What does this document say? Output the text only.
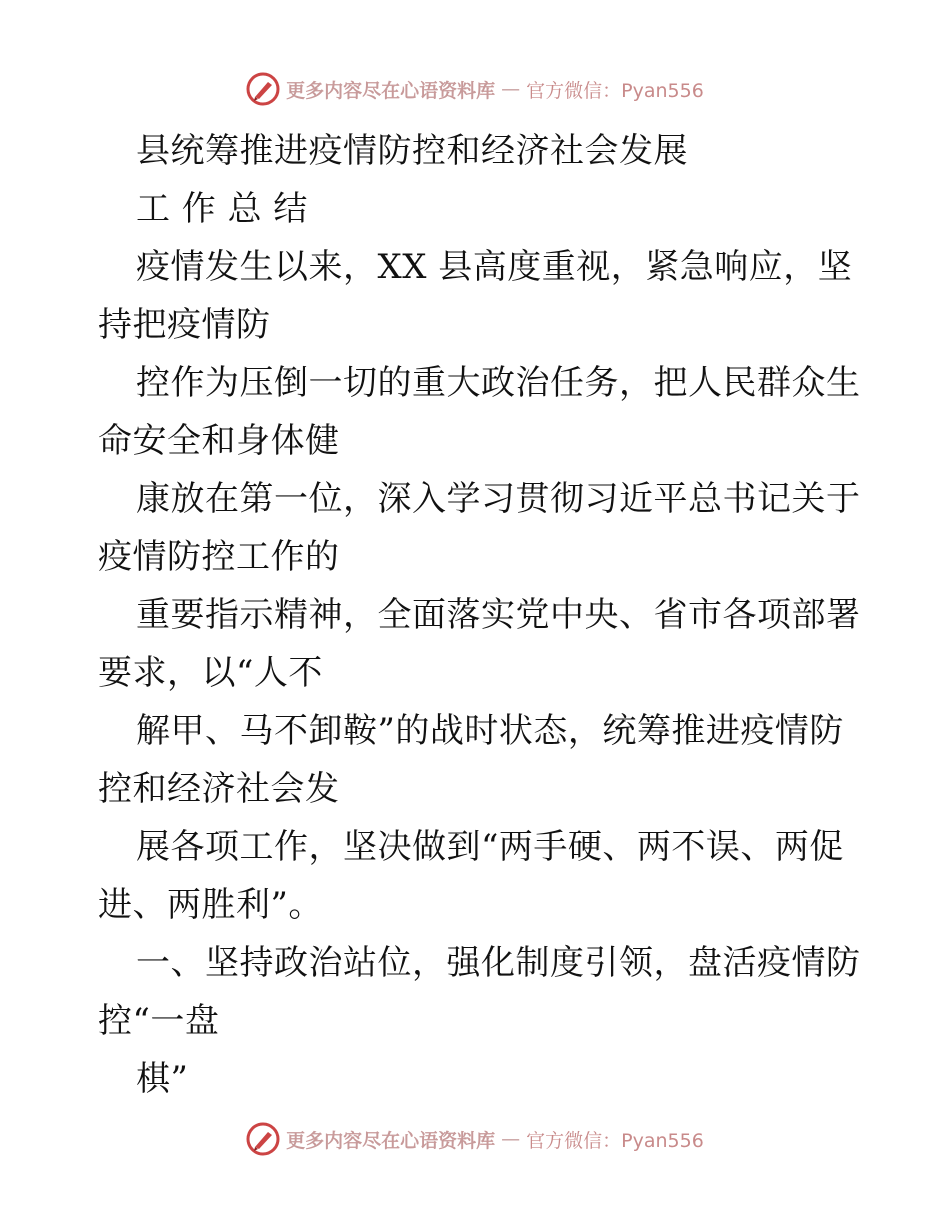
更多内容尽在心语资料库 — 官方微信：Pyan556
县统筹推进疫情防控和经济社会发展
工 作 总 结
疫情发生以来，XX 县高度重视，紧急响应，坚
持把疫情防
控作为压倒一切的重大政治任务，把人民群众生
命安全和身体健
康放在第一位，深入学习贯彻习近平总书记关于
疫情防控工作的
重要指示精神，全面落实党中央、省市各项部署
要求，以“人不
解甲、马不卸鞍”的战时状态，统筹推进疫情防
控和经济社会发
展各项工作，坚决做到“两手硬、两不误、两促
进、两胜利”。
一、坚持政治站位，强化制度引领，盘活疫情防
控“一盘
棋”
更多内容尽在心语资料库 — 官方微信：Pyan556
